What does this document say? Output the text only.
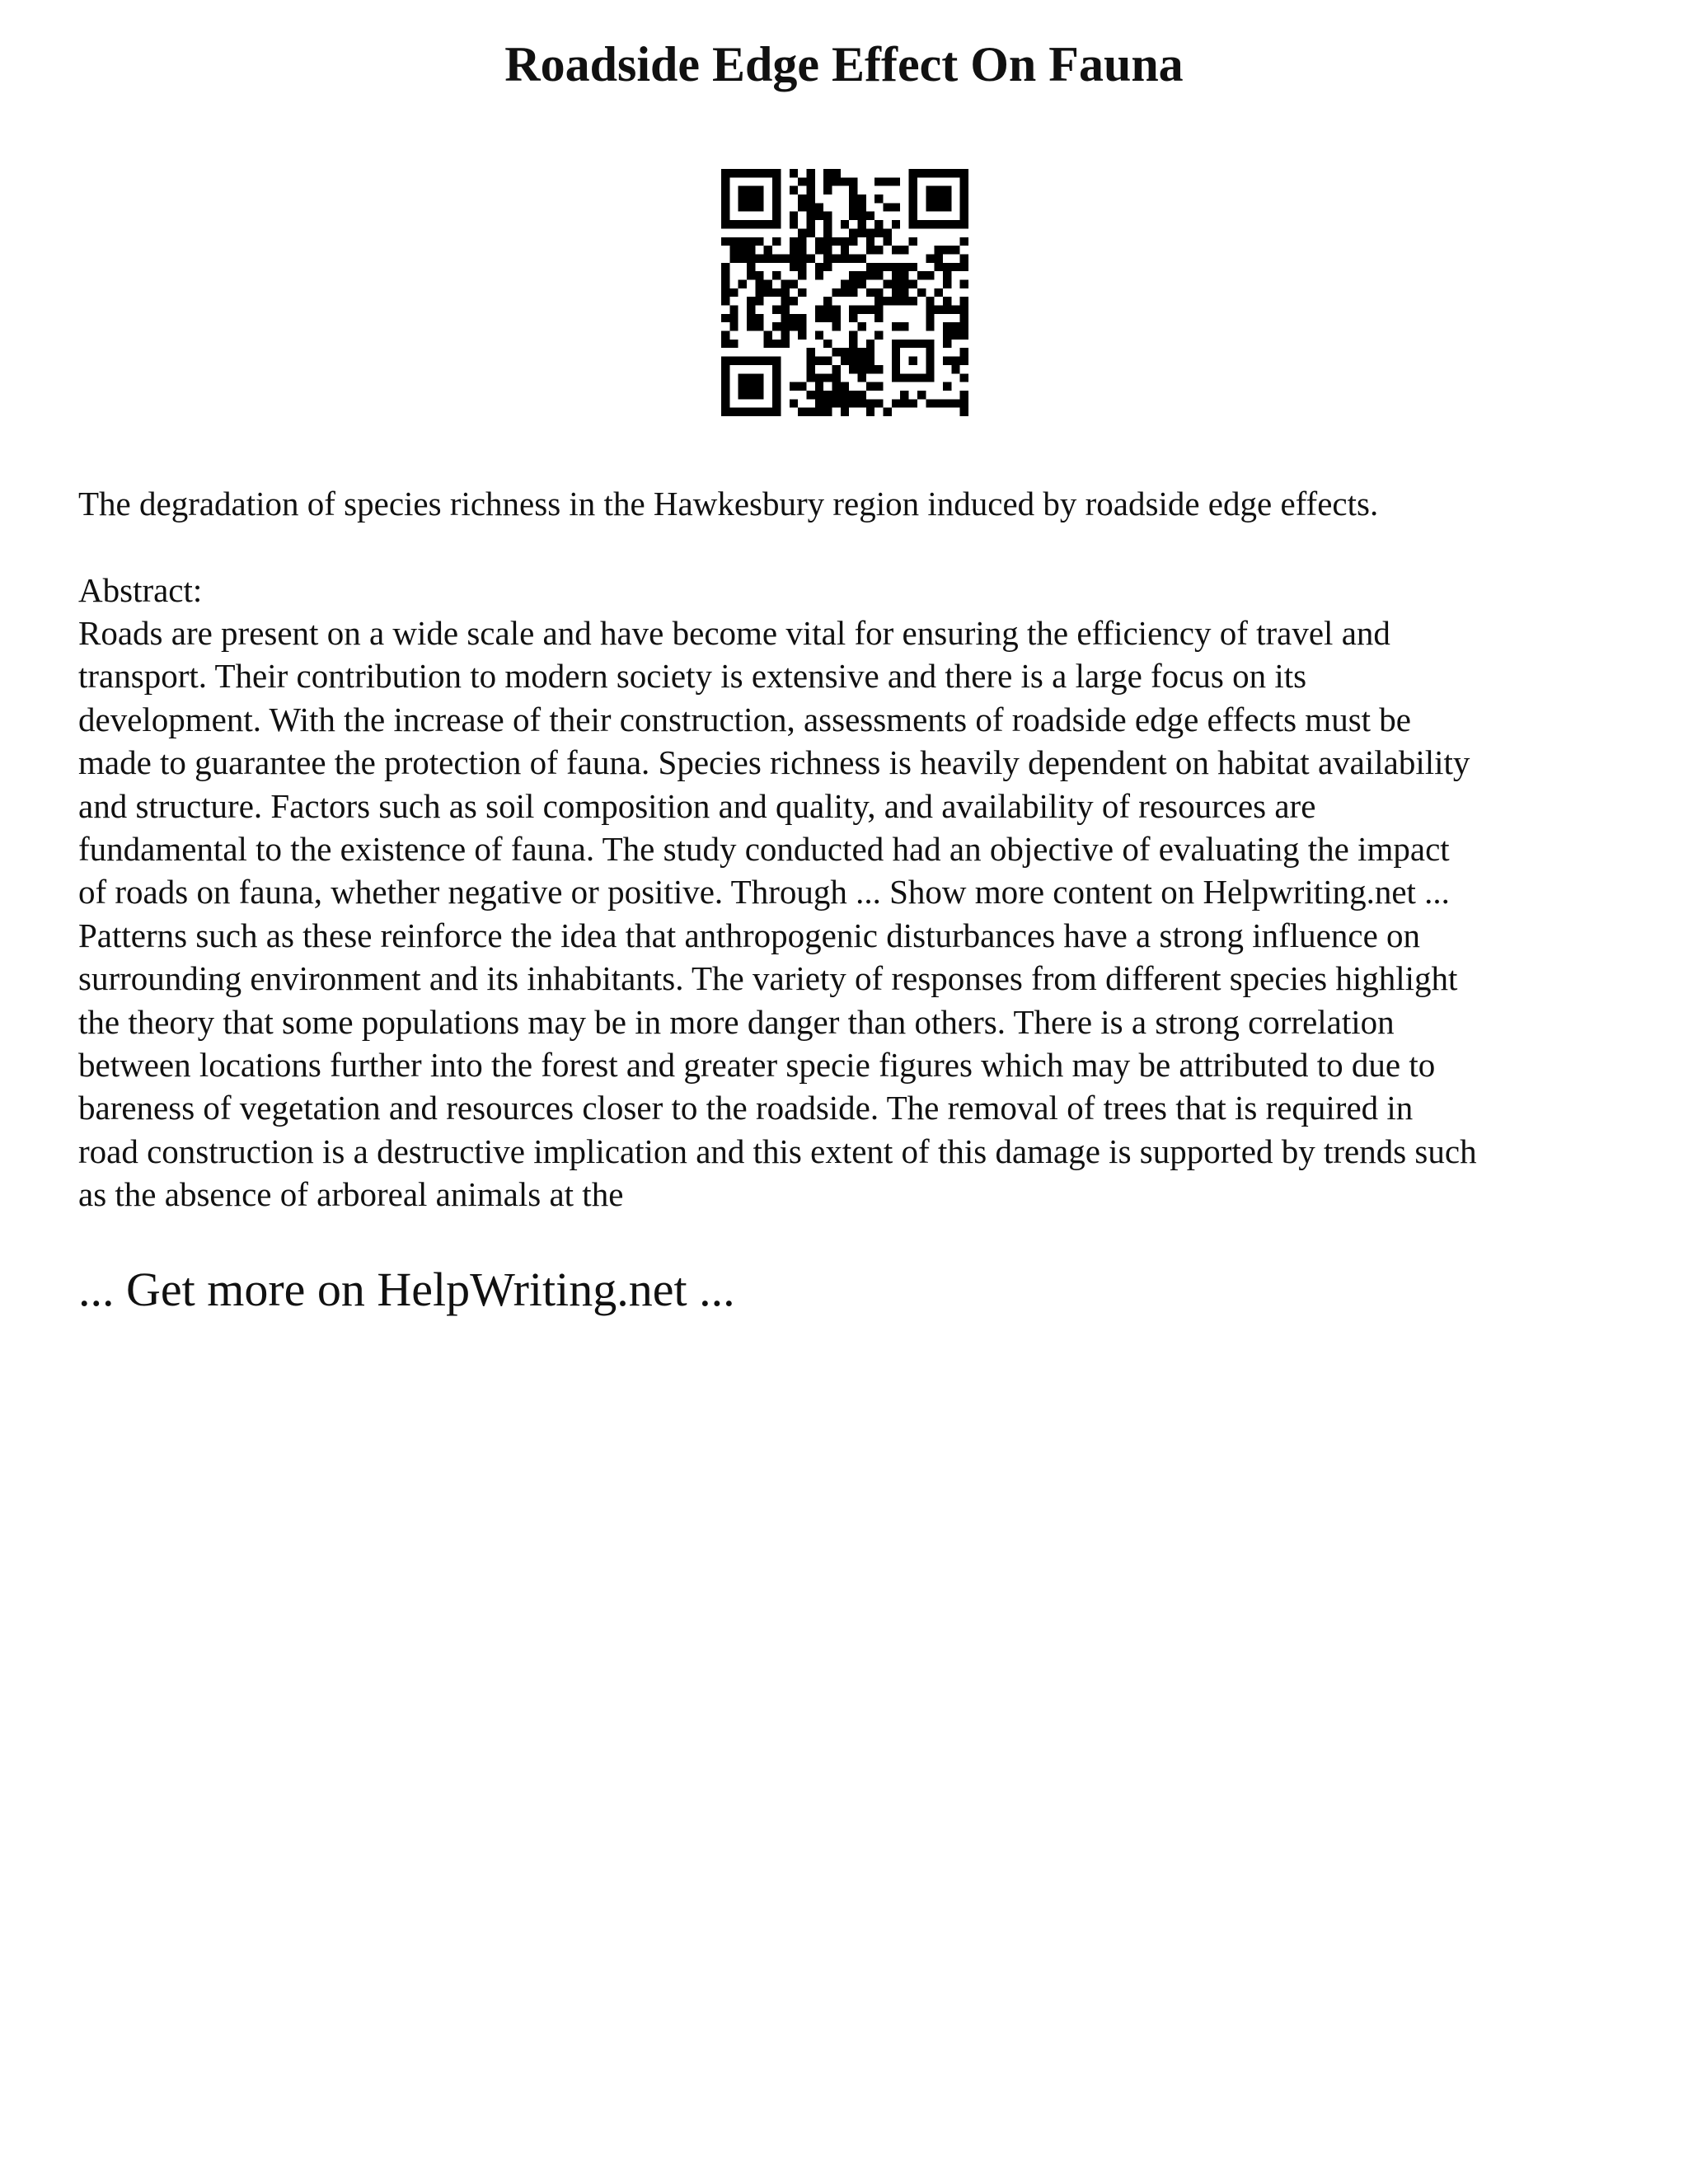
Roadside Edge Effect On Fauna

The degradation of species richness in the Hawkesbury region induced by roadside edge effects.

Abstract:

Roads are present on a wide scale and have become vital for ensuring the efficiency of travel and
transport. Their contribution to modern society is extensive and there is a large focus on its
development. With the increase of their construction, assessments of roadside edge effects must be
made to guarantee the protection of fauna. Species richness is heavily dependent on habitat availability
and structure. Factors such as soil composition and quality, and availability of resources are
fundamental to the existence of fauna. The study conducted had an objective of evaluating the impact
of roads on fauna, whether negative or positive. Through ... Show more content on Helpwriting.net ...
Patterns such as these reinforce the idea that anthropogenic disturbances have a strong influence on
surrounding environment and its inhabitants. The variety of responses from different species highlight
the theory that some populations may be in more danger than others. There is a strong correlation
between locations further into the forest and greater specie figures which may be attributed to due to
bareness of vegetation and resources closer to the roadside. The removal of trees that is required in
road construction is a destructive implication and this extent of this damage is supported by trends such
as the absence of arboreal animals at the

... Get more on HelpWriting.net ...
